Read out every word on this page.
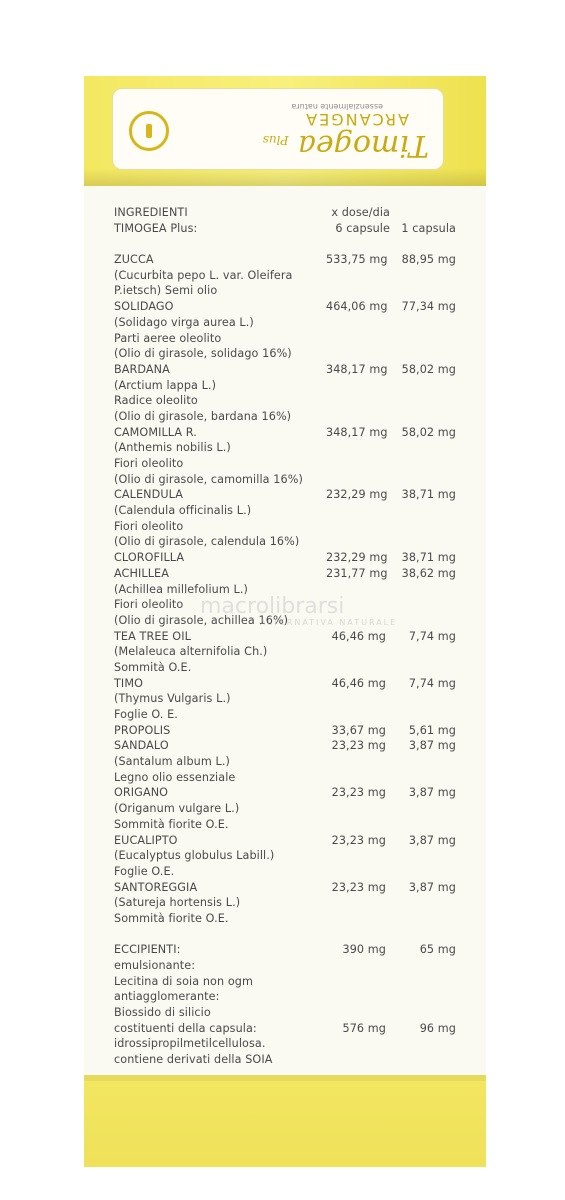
Timogea Plus
ARCANGEA
essenzialmente natura
INGREDIENTI	x dose/dia
TIMOGEA Plus:	6 capsule	1 capsula
ZUCCA	533,75 mg	88,95 mg
(Cucurbita pepo L. var. Oleifera
P.ietsch) Semi olio
SOLIDAGO	464,06 mg	77,34 mg
(Solidago virga aurea L.)
Parti aeree oleolito
(Olio di girasole, solidago 16%)
BARDANA	348,17 mg	58,02 mg
(Arctium lappa L.)
Radice oleolito
(Olio di girasole, bardana 16%)
CAMOMILLA R.	348,17 mg	58,02 mg
(Anthemis nobilis L.)
Fiori oleolito
(Olio di girasole, camomilla 16%)
CALENDULA	232,29 mg	38,71 mg
(Calendula officinalis L.)
Fiori oleolito
(Olio di girasole, calendula 16%)
CLOROFILLA	232,29 mg	38,71 mg
ACHILLEA	231,77 mg	38,62 mg
(Achillea millefolium L.)
Fiori oleolito
(Olio di girasole, achillea 16%)
TEA TREE OIL	46,46 mg	7,74 mg
(Melaleuca alternifolia Ch.)
Sommità O.E.
TIMO	46,46 mg	7,74 mg
(Thymus Vulgaris L.)
Foglie O. E.
PROPOLIS	33,67 mg	5,61 mg
SANDALO	23,23 mg	3,87 mg
(Santalum album L.)
Legno olio essenziale
ORIGANO	23,23 mg	3,87 mg
(Origanum vulgare L.)
Sommità fiorite O.E.
EUCALIPTO	23,23 mg	3,87 mg
(Eucalyptus globulus Labill.)
Foglie O.E.
SANTOREGGIA	23,23 mg	3,87 mg
(Satureja hortensis L.)
Sommità fiorite O.E.
ECCIPIENTI:	390 mg	65 mg
emulsionante:
Lecitina di soia non ogm
antiagglomerante:
Biossido di silicio
costituenti della capsula:	576 mg	96 mg
idrossipropilmetilcellulosa.
contiene derivati della SOIA
macrolibrarsi
ALTERNATIVA NATURALE
